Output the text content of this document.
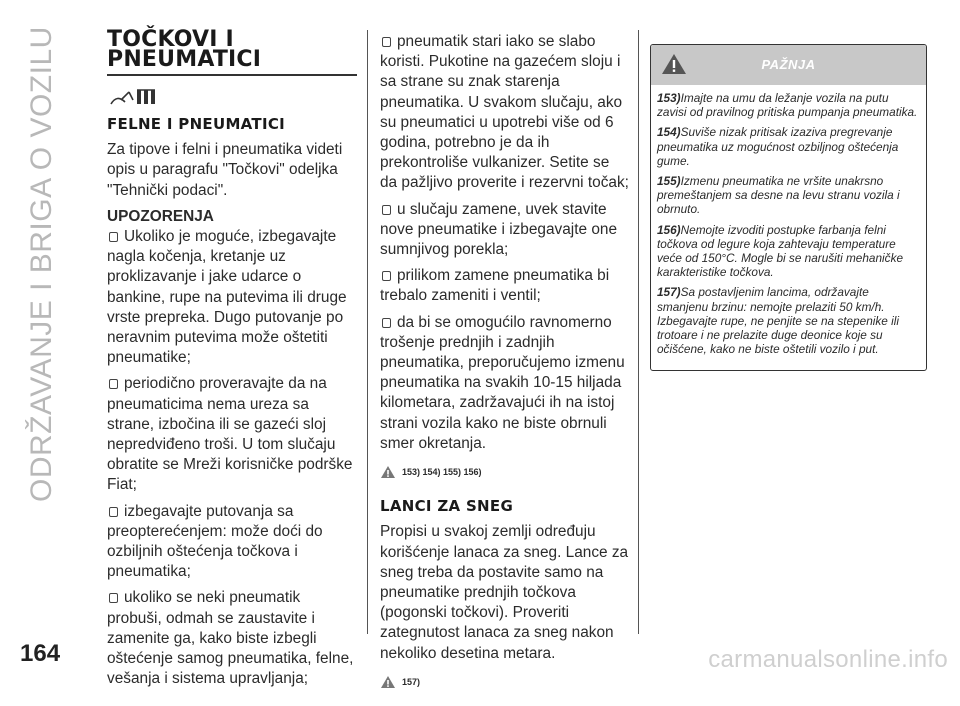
ODRŽAVANJE I BRIGA O VOZILU	TOČKOVI I PNEUMATICI
FELNE I PNEUMATICI

Za tipove i felni i pneumatika videti opis u paragrafu "Točkovi" odeljka "Tehnički podaci".

UPOZORENJA
Ukoliko je moguće, izbegavajte nagla kočenja, kretanje uz proklizavanje i jake udarce o bankine, rupe na putevima ili druge vrste prepreka. Dugo putovanje po neravnim putevima može oštetiti pneumatike;
periodično proveravajte da na pneumaticima nema ureza sa strane, izbočina ili se gazeći sloj nepredviđeno troši. U tom slučaju obratite se Mreži korisničke podrške Fiat;
izbegavajte putovanja sa preopterećenjem: može doći do ozbiljnih oštećenja točkova i pneumatika;
ukoliko se neki pneumatik probuši, odmah se zaustavite i zamenite ga, kako biste izbegli oštećenje samog pneumatika, felne, vešanja i sistema upravljanja;
pneumatik stari iako se slabo koristi. Pukotine na gazećem sloju i sa strane su znak starenja pneumatika. U svakom slučaju, ako su pneumatici u upotrebi više od 6 godina, potrebno je da ih prekontroliše vulkanizer. Setite se da pažljivo proverite i rezervni točak;
u slučaju zamene, uvek stavite nove pneumatike i izbegavajte one sumnjivog porekla;
prilikom zamene pneumatika bi trebalo zameniti i ventil;
da bi se omogućilo ravnomerno trošenje prednjih i zadnjih pneumatika, preporučujemo izmenu pneumatika na svakih 10-15 hiljada kilometara, zadržavajući ih na istoj strani vozila kako ne biste obrnuli smer okretanja.
153) 154) 155) 156)
LANCI ZA SNEG

Propisi u svakoj zemlji određuju korišćenje lanaca za sneg. Lance za sneg treba da postavite samo na pneumatike prednjih točkova (pogonski točkovi). Proveriti zategnutost lanaca za sneg nakon nekoliko desetina metara.

157)
PAŽNJA
153)Imajte na umu da ležanje vozila na putu zavisi od pravilnog pritiska pumpanja pneumatika.
154)Suviše nizak pritisak izaziva pregrevanje pneumatika uz mogućnost ozbiljnog oštećenja gume.
155)Izmenu pneumatika ne vršite unakrsno premeštanjem sa desne na levu stranu vozila i obrnuto.
156)Nemojte izvoditi postupke farbanja felni točkova od legure koja zahtevaju temperature veće od 150°C. Mogle bi se narušiti mehaničke karakteristike točkova.
157)Sa postavljenim lancima, održavajte smanjenu brzinu: nemojte prelaziti 50 km/h. Izbegavajte rupe, ne penjite se na stepenike ili trotoare i ne prelazite duge deonice koje su očišćene, kako ne biste oštetili vozilo i put.
164	carmanualsonline.info
